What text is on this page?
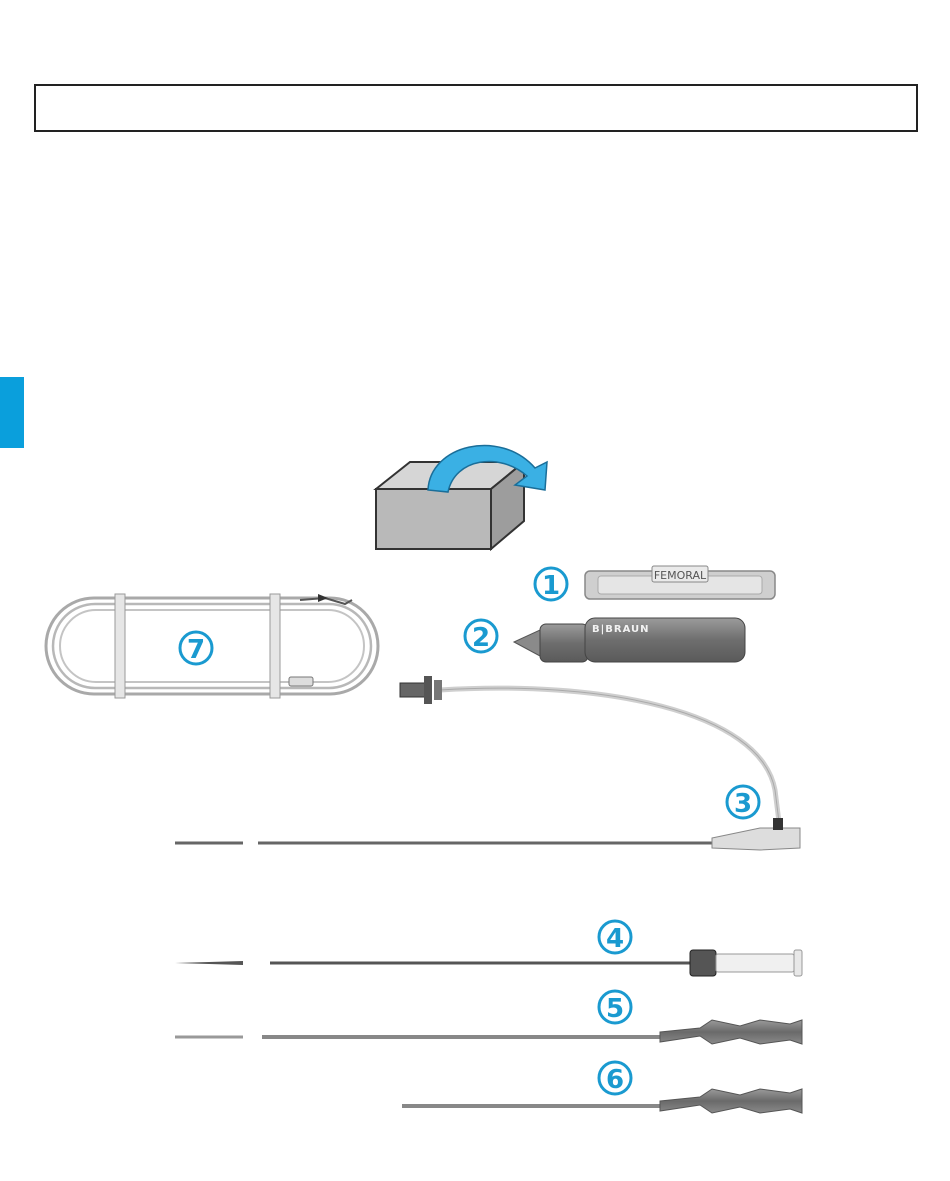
FEMORAL
B|BRAUN
1
2
3
4
5
6
7
